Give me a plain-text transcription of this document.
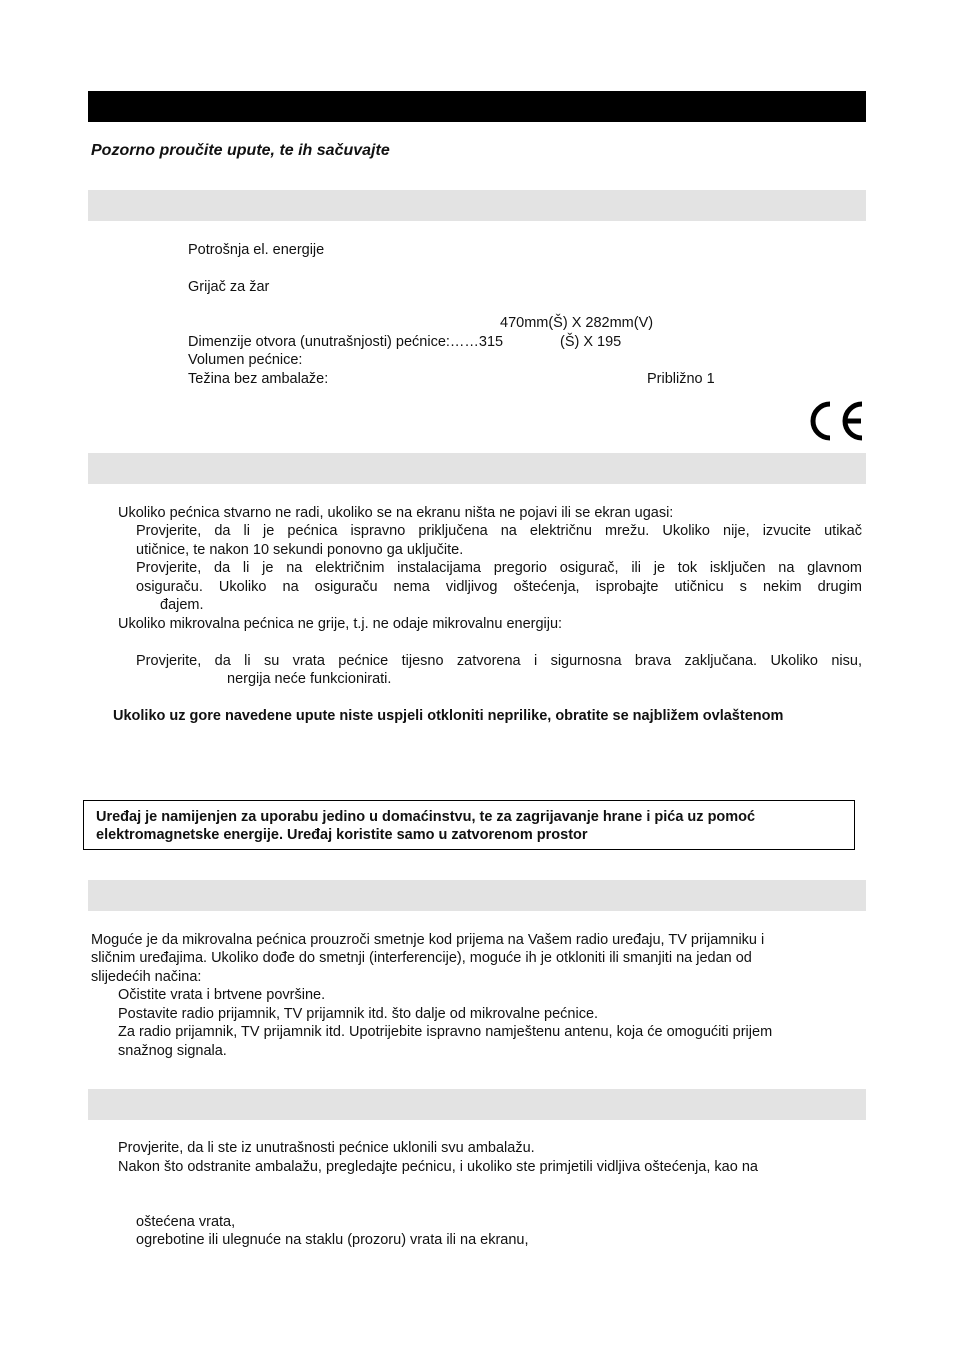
Pozorno proučite upute, te ih sačuvajte
Potrošnja el. energije
Grijač za žar
470mm(Š) X 282mm(V)
Dimenzije otvora (unutrašnjosti) pećnice:……315	(Š) X 195
Volumen pećnice:
Težina bez ambalaže:	Približno 1
Ukoliko pećnica stvarno ne radi, ukoliko se na ekranu ništa ne pojavi ili se ekran ugasi:
Provjerite, da li je pećnica ispravno priključena na električnu mrežu. Ukoliko nije, izvucite utikač
utičnice, te nakon 10 sekundi ponovno ga uključite.
Provjerite, da li je na električnim instalacijama pregorio osigurač, ili je tok isključen na glavnom
osiguraču. Ukoliko na osiguraču nema vidljivog oštećenja, isprobajte utičnicu s nekim drugim
đajem.
Ukoliko mikrovalna pećnica ne grije, t.j. ne odaje mikrovalnu energiju:
Provjerite, da li su vrata pećnice tijesno zatvorena i sigurnosna brava zaključana. Ukoliko nisu,
nergija neće funkcionirati.
Ukoliko uz gore navedene upute niste uspjeli otkloniti neprilike, obratite se najbližem ovlaštenom
Uređaj je namijenjen za uporabu jedino u domaćinstvu, te za zagrijavanje hrane i pića uz pomoć
elektromagnetske energije. Uređaj koristite samo u zatvorenom prostor
Moguće je da mikrovalna pećnica prouzroči smetnje kod prijema na Vašem radio uređaju, TV prijamniku i
sličnim uređajima. Ukoliko dođe do smetnji (interferencije), moguće ih je otkloniti ili smanjiti na jedan od
slijedećih načina:
Očistite vrata i brtvene površine.
Postavite radio prijamnik, TV prijamnik itd. što dalje od mikrovalne pećnice.
Za radio prijamnik, TV prijamnik itd. Upotrijebite ispravno namještenu antenu, koja će omogućiti prijem
snažnog signala.
Provjerite, da li ste iz unutrašnosti pećnice uklonili svu ambalažu.
Nakon što odstranite ambalažu, pregledajte pećnicu, i ukoliko ste primjetili vidljiva oštećenja, kao na
oštećena vrata,
ogrebotine ili ulegnuće na staklu (prozoru) vrata ili na ekranu,
